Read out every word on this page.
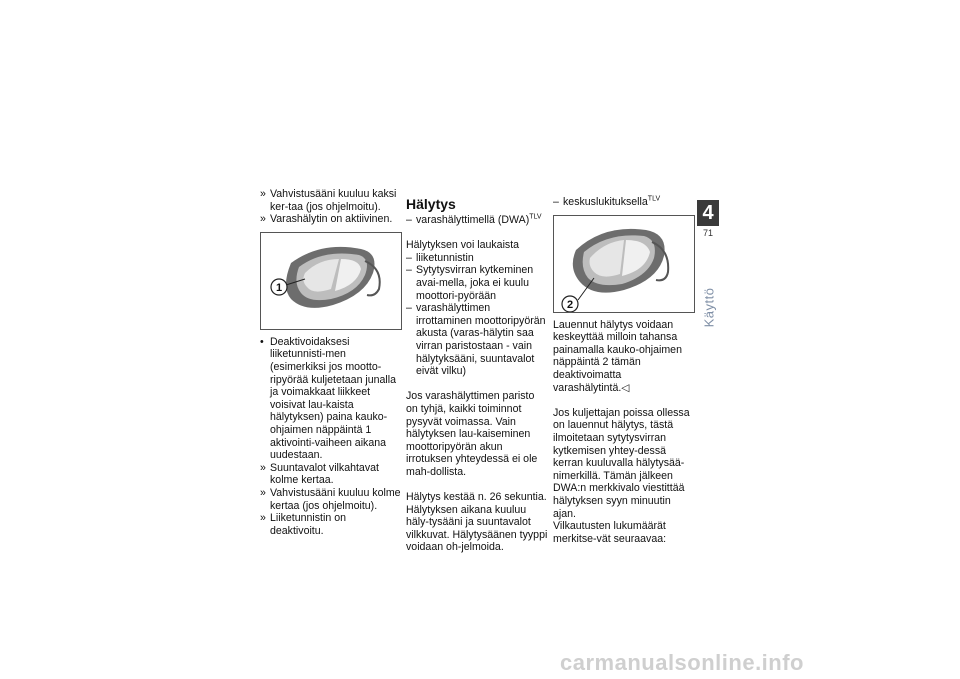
» Vahvistusääni kuuluu kaksi ker-taa (jos ohjelmoitu).
» Varashälytin on aktiivinen.
1
• Deaktivoidaksesi liiketunnisti-men (esimerkiksi jos mootto-ripyörää kuljetetaan junalla ja voimakkaat liikkeet voisivat lau-kaista hälytyksen) paina kauko-ohjaimen näppäintä 1 aktivointi-vaiheen aikana uudestaan.
» Suuntavalot vilkahtavat kolme kertaa.
» Vahvistusääni kuuluu kolme kertaa (jos ohjelmoitu).
» Liiketunnistin on deaktivoitu.
Hälytys
– varashälyttimellä (DWA)$^{TLV}$

Hälytyksen voi laukaista

– liiketunnistin
– Sytytysvirran kytkeminen avai-mella, joka ei kuulu moottori-pyörään
– varashälyttimen irrottaminen moottoripyörän akusta (varas-hälytin saa virran paristostaan - vain hälytyksääni, suuntavalot eivät vilku)

Jos varashälyttimen paristo on tyhjä, kaikki toiminnot pysyvät voimassa. Vain hälytyksen lau-kaiseminen moottoripyörän akun irrotuksen yhteydessä ei ole mah-dollista.

Hälytys kestää n. 26 sekuntia. Hälytyksen aikana kuuluu häly-tysääni ja suuntavalot vilkkuvat. Hälytysäänen tyyppi voidaan oh-jelmoida.

– keskuslukituksella$^{TLV}$
2

Lauennut hälytys voidaan keskeyttää milloin tahansa painamalla kauko-ohjaimen näppäintä 2 tämän deaktivoimatta varashälytintä.◁

Jos kuljettajan poissa ollessa on lauennut hälytys, tästä ilmoitetaan sytytysvirran kytkemisen yhtey-dessä kerran kuuluvalla hälytysää-nimerkillä. Tämän jälkeen DWA:n merkkivalo viestittää hälytyksen syyn minuutin ajan.

Vilkautusten lukumäärät merkitse-vät seuraavaa:

4
71
Käyttö
carmanualsonline.info
